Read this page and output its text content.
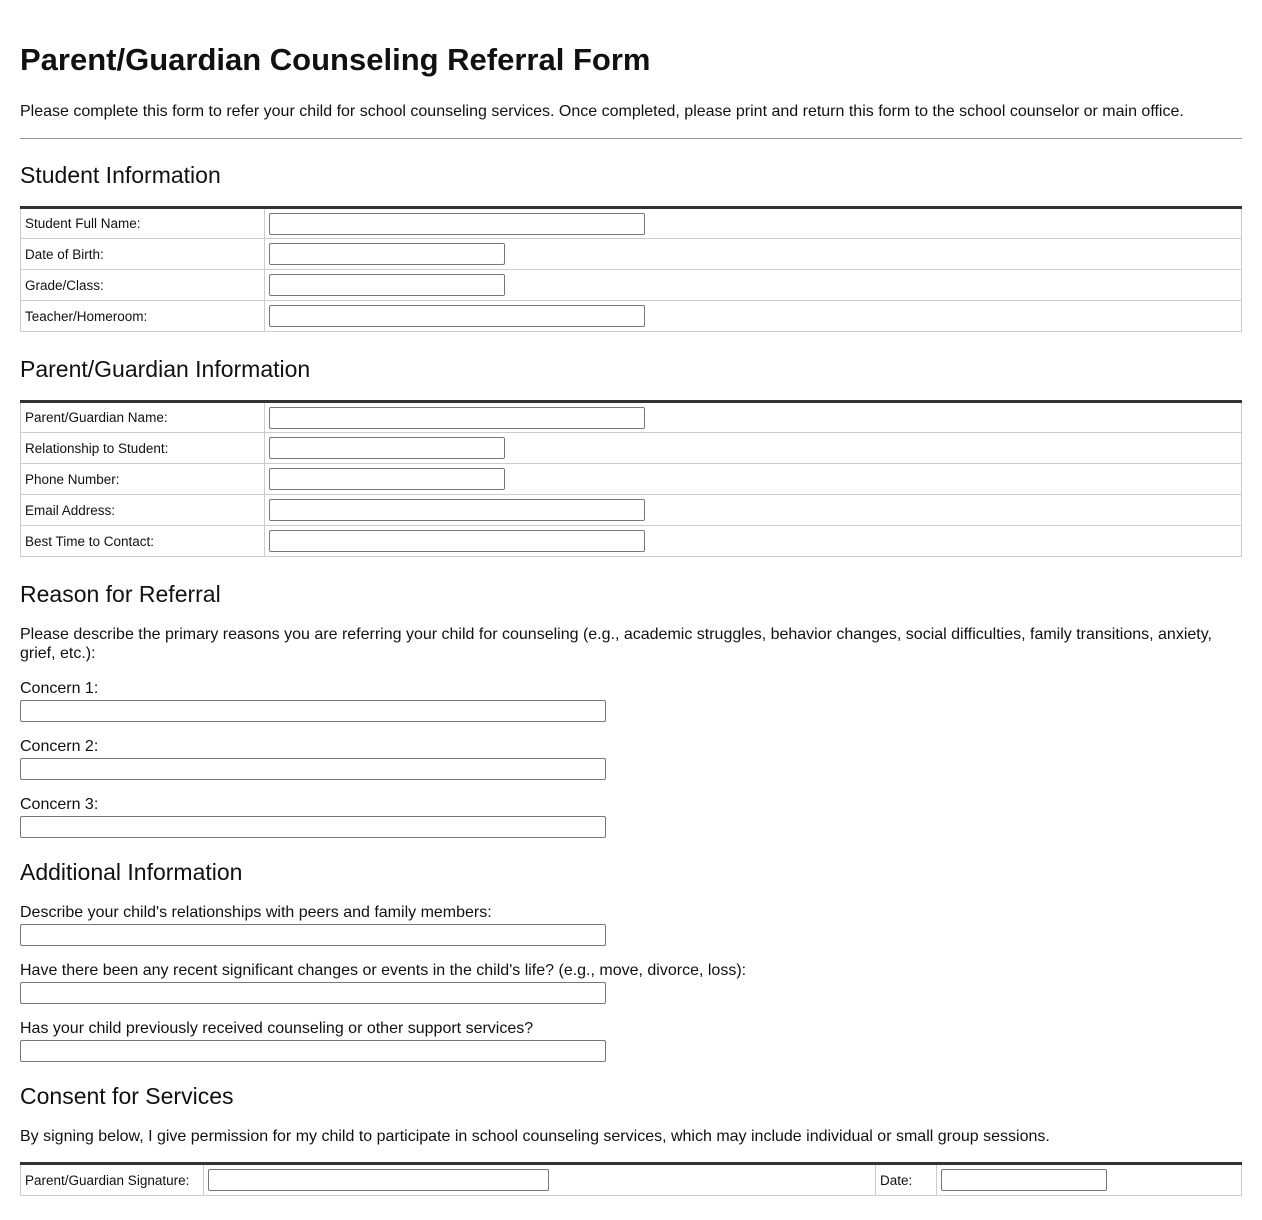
Parent/Guardian Counseling Referral Form

Please complete this form to refer your child for school counseling services. Once completed, please print and return this form to the school counselor or main office.

Student Information
Student Full Name:	

Date of Birth:	

Grade/Class:	

Teacher/Homeroom:	
Parent/Guardian Information
Parent/Guardian Name:	

Relationship to Student:	

Phone Number:	

Email Address:	

Best Time to Contact:	
Reason for Referral

Please describe the primary reasons you are referring your child for counseling (e.g., academic struggles, behavior changes, social difficulties, family transitions, anxiety, grief, etc.):

Concern 1:
Concern 2:
Concern 3:
Additional Information
Describe your child's relationships with peers and family members:
Have there been any recent significant changes or events in the child's life? (e.g., move, divorce, loss):
Has your child previously received counseling or other support services?
Consent for Services

By signing below, I give permission for my child to participate in school counseling services, which may include individual or small group sessions.

Parent/Guardian Signature:		Date:	
